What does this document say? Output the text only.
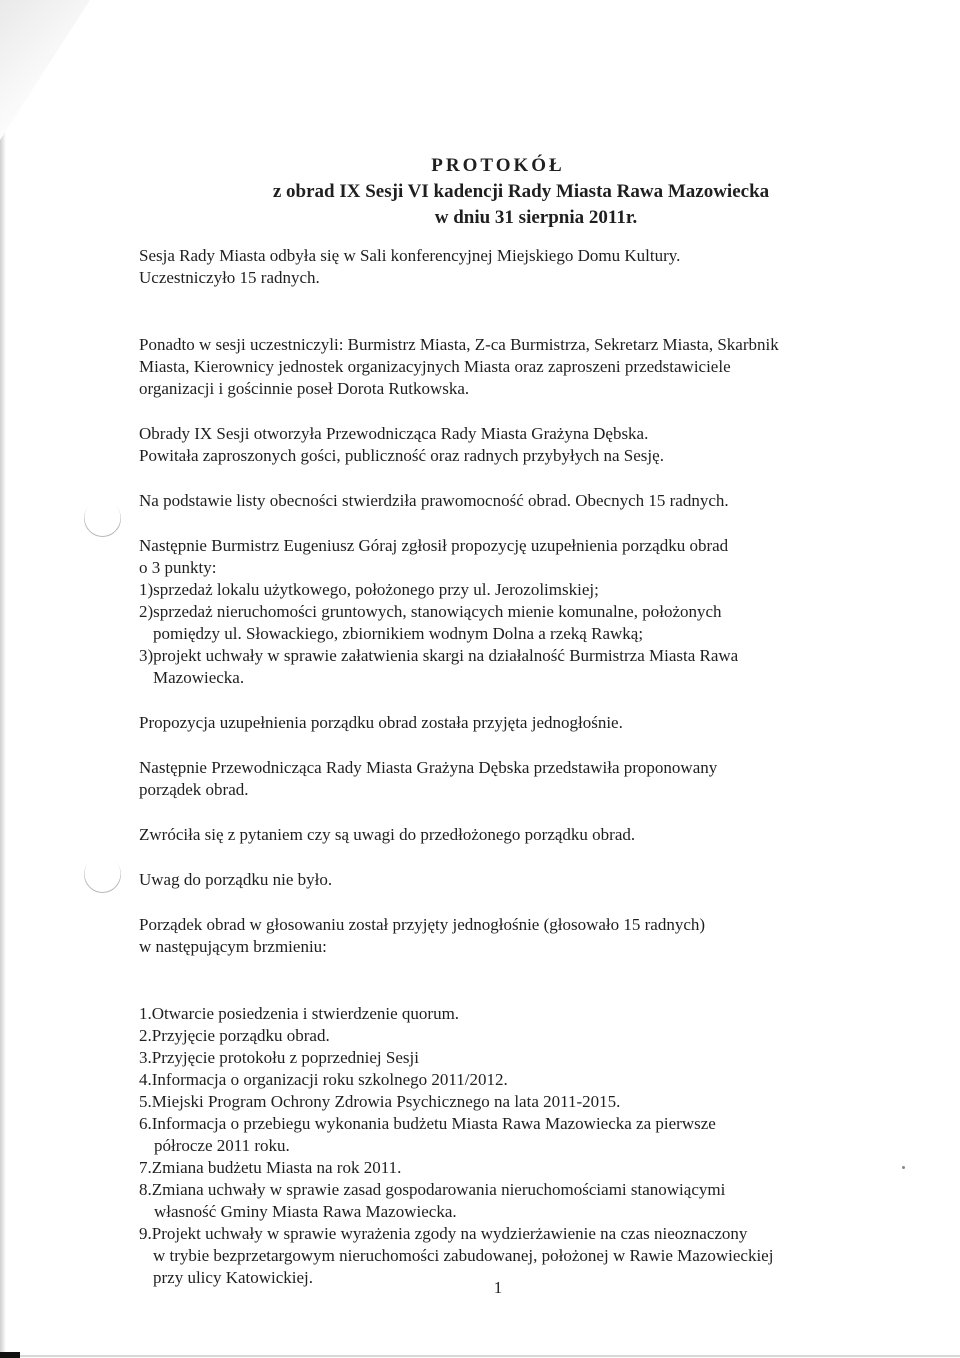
PROTOKÓŁ
z obrad IX Sesji VI kadencji Rady Miasta Rawa Mazowiecka
w dniu 31 sierpnia 2011r.
Sesja Rady Miasta odbyła się w Sali konferencyjnej Miejskiego Domu Kultury.
Uczestniczyło 15 radnych.
Ponadto w sesji uczestniczyli: Burmistrz Miasta, Z-ca Burmistrza, Sekretarz Miasta, Skarbnik
Miasta, Kierownicy jednostek organizacyjnych Miasta oraz zaproszeni przedstawiciele
organizacji i gościnnie poseł Dorota Rutkowska.
Obrady IX Sesji otworzyła Przewodnicząca Rady Miasta Grażyna Dębska.
Powitała zaproszonych gości, publiczność oraz radnych przybyłych na Sesję.
Na podstawie listy obecności stwierdziła prawomocność obrad. Obecnych 15 radnych.
Następnie Burmistrz Eugeniusz Góraj zgłosił propozycję uzupełnienia porządku obrad
o 3 punkty:
1)sprzedaż lokalu użytkowego, położonego przy ul. Jerozolimskiej;
2)sprzedaż nieruchomości gruntowych, stanowiących mienie komunalne, położonych
pomiędzy ul. Słowackiego, zbiornikiem wodnym Dolna a rzeką Rawką;
3)projekt uchwały w sprawie załatwienia skargi na działalność Burmistrza Miasta Rawa
Mazowiecka.
Propozycja uzupełnienia porządku obrad została przyjęta jednogłośnie.
Następnie Przewodnicząca Rady Miasta Grażyna Dębska przedstawiła proponowany
porządek obrad.
Zwróciła się z pytaniem czy są uwagi do przedłożonego porządku obrad.
Uwag do porządku nie było.
Porządek obrad w głosowaniu został przyjęty jednogłośnie (głosowało 15 radnych)
w następującym brzmieniu:
1.Otwarcie posiedzenia i stwierdzenie quorum.
2.Przyjęcie porządku obrad.
3.Przyjęcie protokołu z poprzedniej Sesji
4.Informacja o organizacji roku szkolnego 2011/2012.
5.Miejski Program Ochrony Zdrowia Psychicznego na lata 2011-2015.
6.Informacja o przebiegu wykonania budżetu Miasta Rawa Mazowiecka za pierwsze
półrocze 2011 roku.
7.Zmiana budżetu Miasta na rok 2011.
8.Zmiana uchwały w sprawie zasad gospodarowania nieruchomościami stanowiącymi
własność Gminy Miasta Rawa Mazowiecka.
9.Projekt uchwały w sprawie wyrażenia zgody na wydzierżawienie na czas nieoznaczony
w trybie bezprzetargowym nieruchomości zabudowanej, położonej w Rawie Mazowieckiej
przy ulicy Katowickiej.
1
